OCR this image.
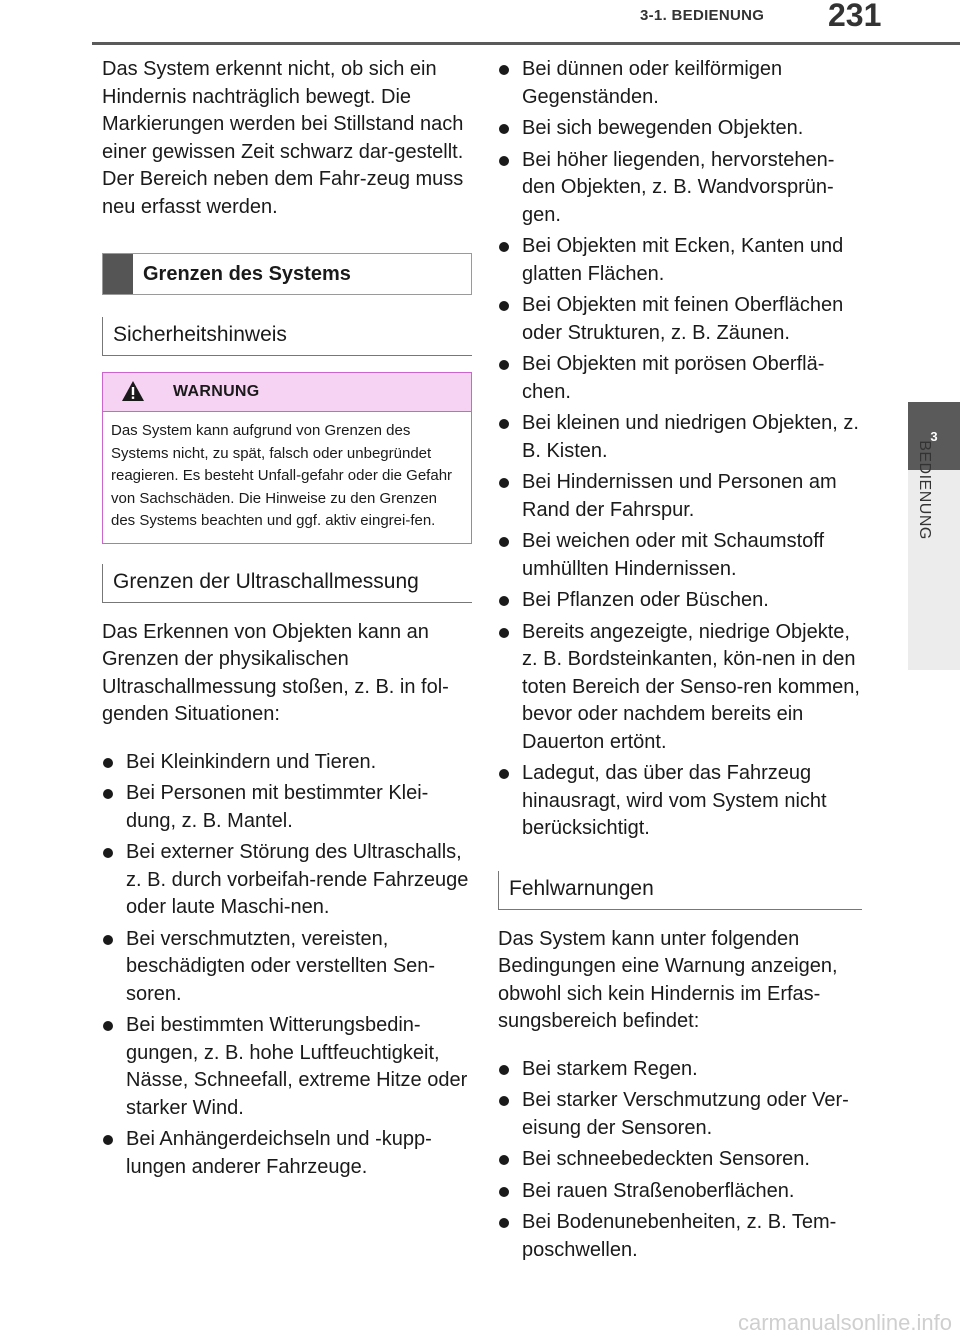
3-1. BEDIENUNG 231
3
BEDIENUNG

Das System erkennt nicht, ob sich ein Hindernis nachträglich bewegt. Die Markierungen werden bei Stillstand nach einer gewissen Zeit schwarz dar-gestellt. Der Bereich neben dem Fahr-zeug muss neu erfasst werden.

Grenzen des Systems
Sicherheitshinweis
WARNUNG
Das System kann aufgrund von Grenzen des Systems nicht, zu spät, falsch oder unbegründet reagieren. Es besteht Unfall-gefahr oder die Gefahr von Sachschäden. Die Hinweise zu den Grenzen des Systems beachten und ggf. aktiv eingrei-fen.
Grenzen der Ultraschallmessung

Das Erkennen von Objekten kann an Grenzen der physikalischen Ultraschallmessung stoßen, z. B. in fol-genden Situationen:

Bei Kleinkindern und Tieren.
Bei Personen mit bestimmter Klei-dung, z. B. Mantel.
Bei externer Störung des Ultraschalls, z. B. durch vorbeifah-rende Fahrzeuge oder laute Maschi-nen.
Bei verschmutzten, vereisten, beschädigten oder verstellten Sen-soren.
Bei bestimmten Witterungsbedin-gungen, z. B. hohe Luftfeuchtigkeit, Nässe, Schneefall, extreme Hitze oder starker Wind.
Bei Anhängerdeichseln und -kupp-lungen anderer Fahrzeuge.
Bei dünnen oder keilförmigen Gegenständen.
Bei sich bewegenden Objekten.
Bei höher liegenden, hervorstehen-den Objekten, z. B. Wandvorsprün-gen.
Bei Objekten mit Ecken, Kanten und glatten Flächen.
Bei Objekten mit feinen Oberflächen oder Strukturen, z. B. Zäunen.
Bei Objekten mit porösen Oberflä-chen.
Bei kleinen und niedrigen Objekten, z. B. Kisten.
Bei Hindernissen und Personen am Rand der Fahrspur.
Bei weichen oder mit Schaumstoff umhüllten Hindernissen.
Bei Pflanzen oder Büschen.
Bereits angezeigte, niedrige Objekte, z. B. Bordsteinkanten, kön-nen in den toten Bereich der Senso-ren kommen, bevor oder nachdem bereits ein Dauerton ertönt.
Ladegut, das über das Fahrzeug hinausragt, wird vom System nicht berücksichtigt.
Fehlwarnungen

Das System kann unter folgenden Bedingungen eine Warnung anzeigen, obwohl sich kein Hindernis im Erfas-sungsbereich befindet:

Bei starkem Regen.
Bei starker Verschmutzung oder Ver-eisung der Sensoren.
Bei schneebedeckten Sensoren.
Bei rauen Straßenoberflächen.
Bei Bodenunebenheiten, z. B. Tem-poschwellen.
carmanualsonline.info
